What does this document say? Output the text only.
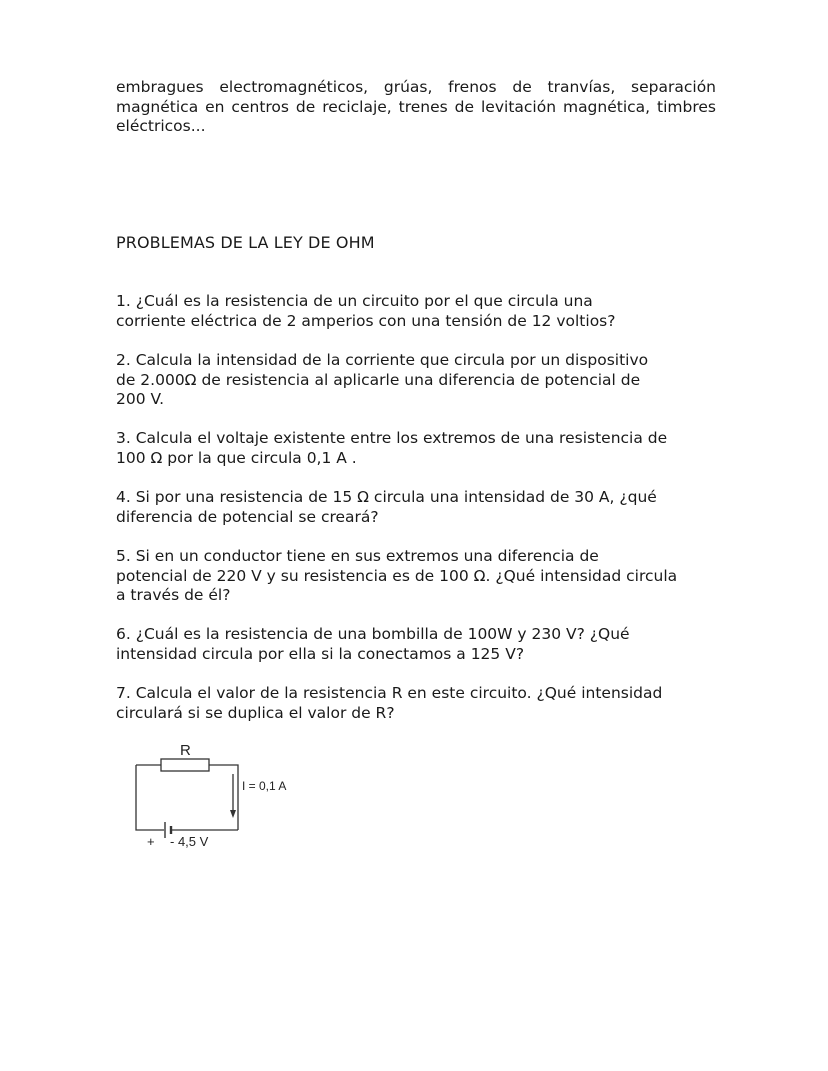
embragues electromagnéticos, grúas, frenos de tranvías, separación magnética en centros de reciclaje, trenes de levitación magnética, timbres eléctricos...

PROBLEMAS DE LA LEY DE OHM

1. ¿Cuál es la resistencia de un circuito por el que circula una
corriente eléctrica de 2 amperios con una tensión de 12 voltios?

2. Calcula la intensidad de la corriente que circula por un dispositivo
de 2.000Ω de resistencia al aplicarle una diferencia de potencial de
200 V.

3. Calcula el voltaje existente entre los extremos de una resistencia de
100 Ω por la que circula 0,1 A .

4. Si por una resistencia de 15 Ω circula una intensidad de 30 A, ¿qué
diferencia de potencial se creará?

5. Si en un conductor tiene en sus extremos una diferencia de
potencial de 220 V y su resistencia es de 100 Ω. ¿Qué intensidad circula
a través de él?

6. ¿Cuál es la resistencia de una bombilla de 100W y 230 V? ¿Qué
intensidad circula por ella si la conectamos a 125 V?

7. Calcula el valor de la resistencia R en este circuito. ¿Qué intensidad
circulará si se duplica el valor de R?

R
I = 0,1 A
+ - 4,5 V
